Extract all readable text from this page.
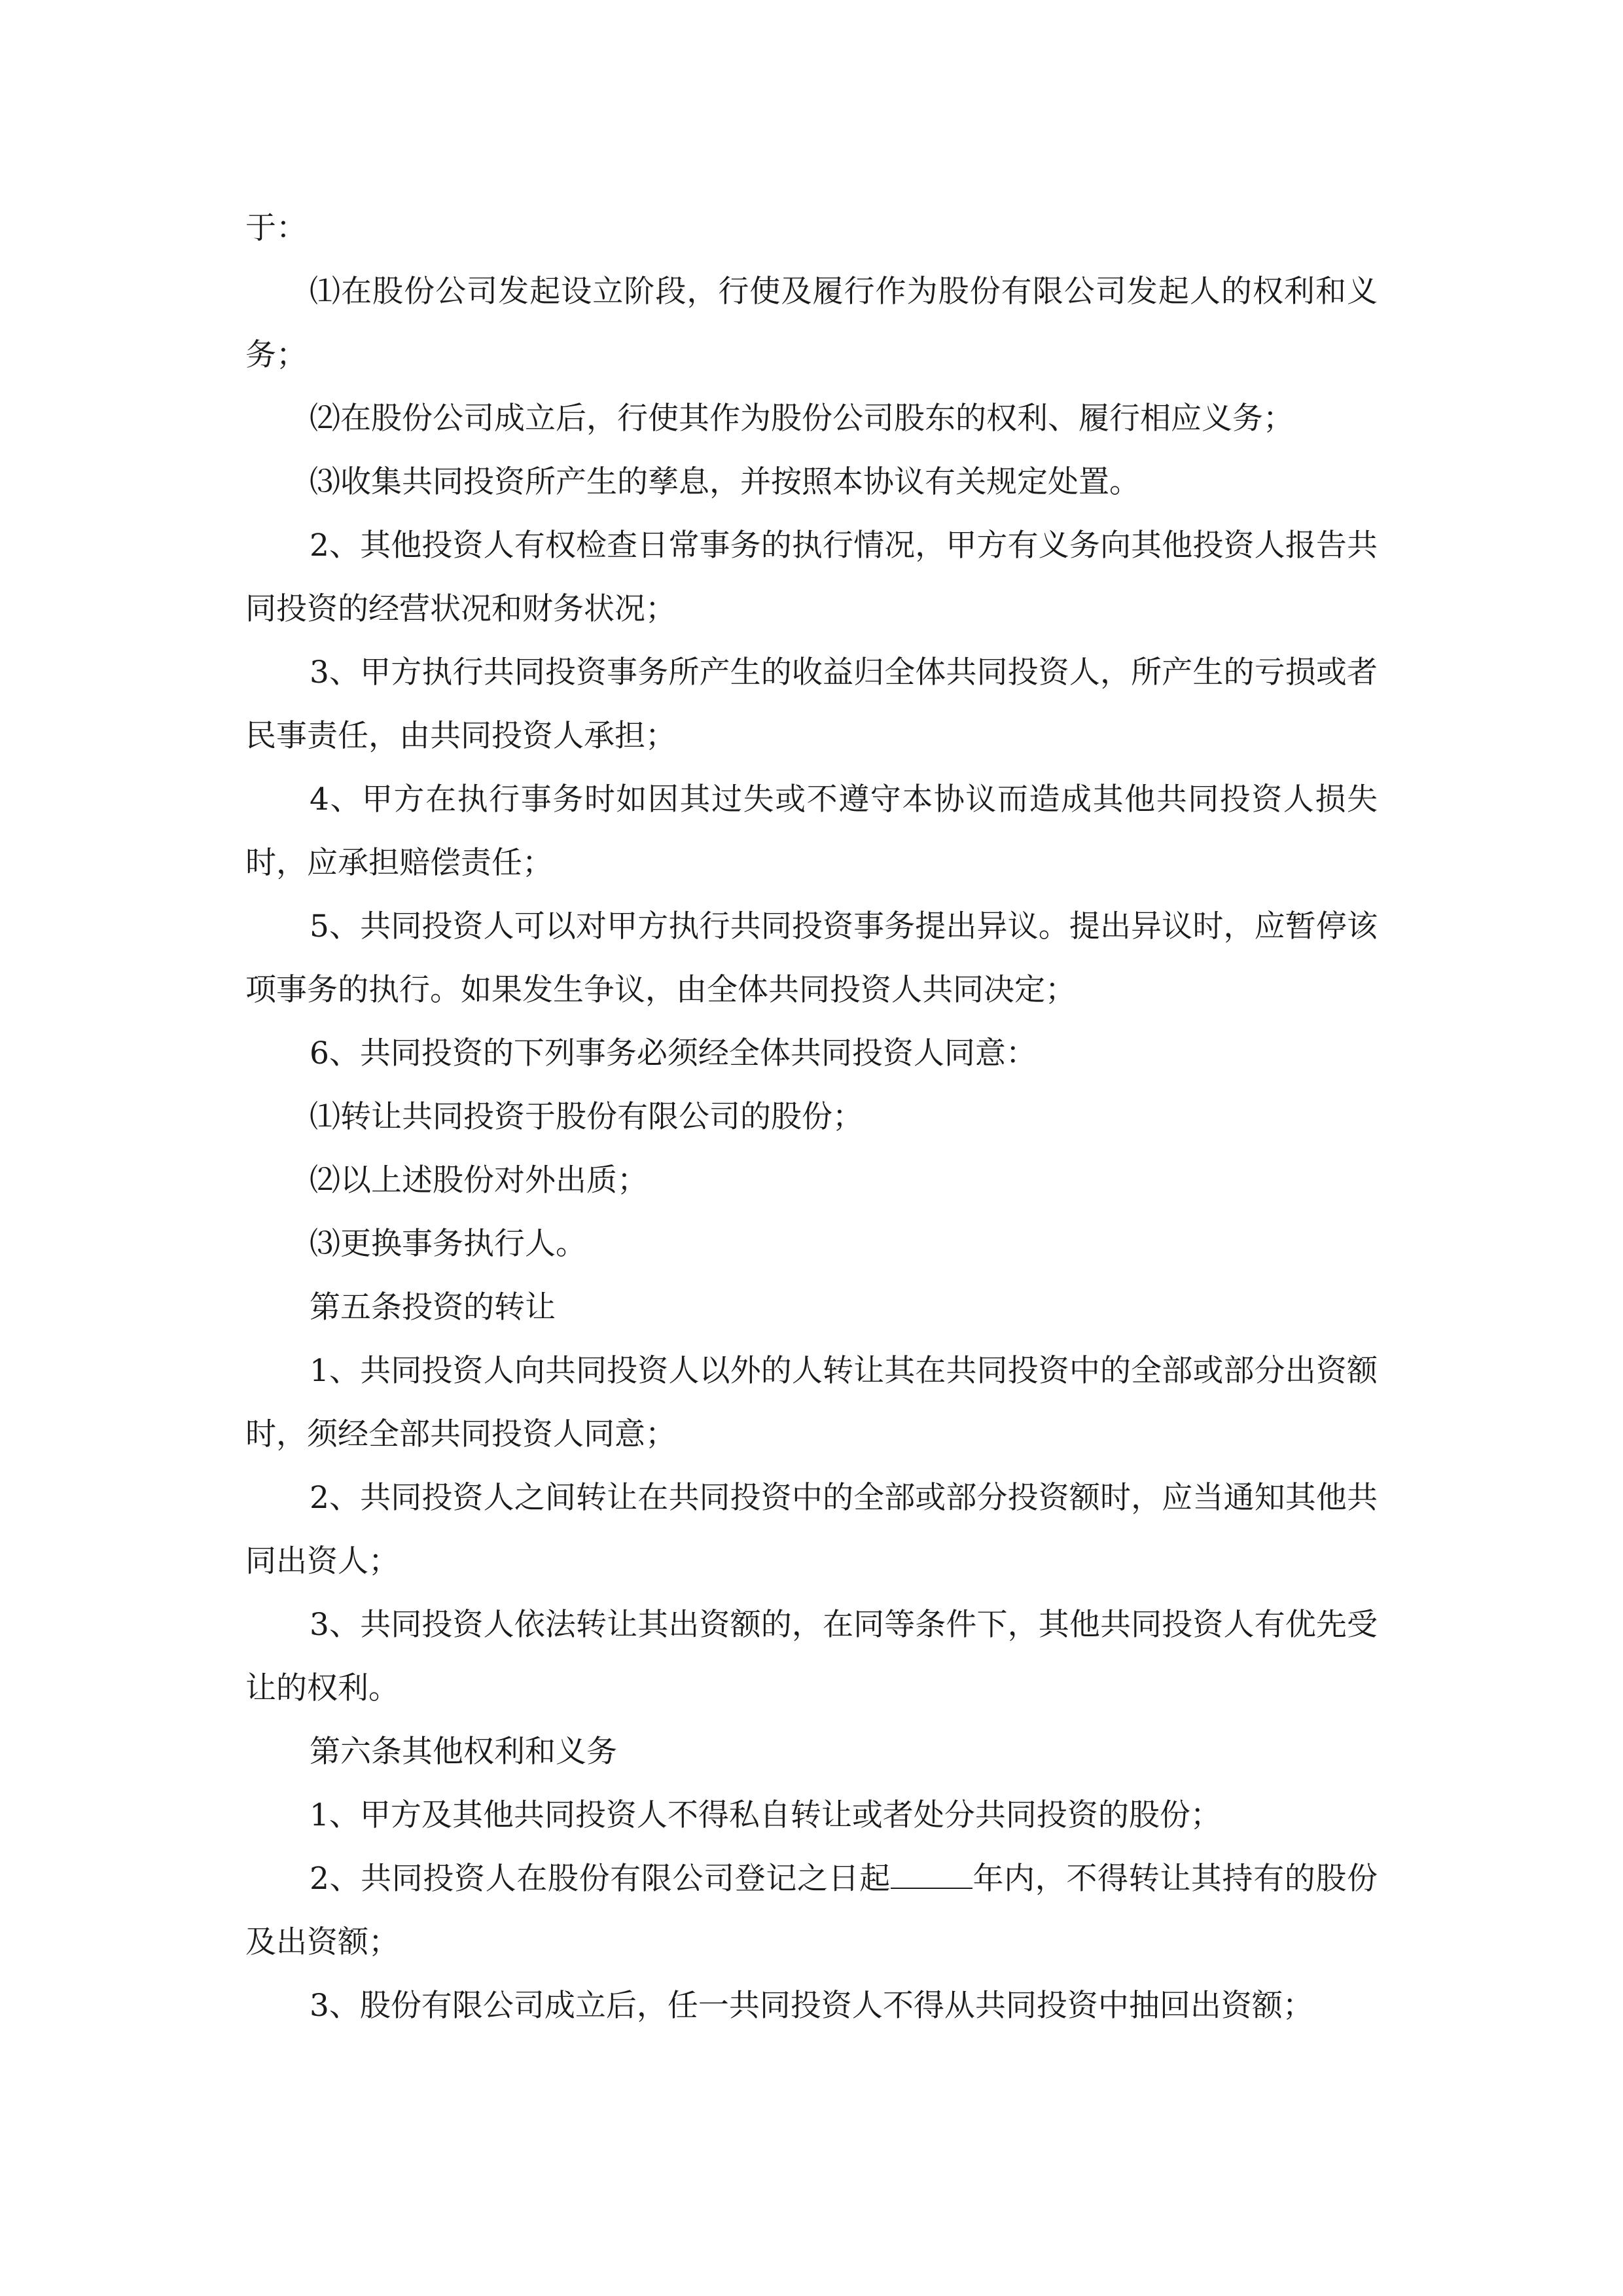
于：

⑴在股份公司发起设立阶段，行使及履行作为股份有限公司发起人的权利和义务；

⑵在股份公司成立后，行使其作为股份公司股东的权利、履行相应义务；

⑶收集共同投资所产生的孳息，并按照本协议有关规定处置。

2、其他投资人有权检查日常事务的执行情况，甲方有义务向其他投资人报告共同投资的经营状况和财务状况；

3、甲方执行共同投资事务所产生的收益归全体共同投资人，所产生的亏损或者民事责任，由共同投资人承担；

4、甲方在执行事务时如因其过失或不遵守本协议而造成其他共同投资人损失时，应承担赔偿责任；

5、共同投资人可以对甲方执行共同投资事务提出异议。提出异议时，应暂停该项事务的执行。如果发生争议，由全体共同投资人共同决定；

6、共同投资的下列事务必须经全体共同投资人同意：

⑴转让共同投资于股份有限公司的股份；

⑵以上述股份对外出质；

⑶更换事务执行人。

第五条投资的转让

1、共同投资人向共同投资人以外的人转让其在共同投资中的全部或部分出资额时，须经全部共同投资人同意；

2、共同投资人之间转让在共同投资中的全部或部分投资额时，应当通知其他共同出资人；

3、共同投资人依法转让其出资额的，在同等条件下，其他共同投资人有优先受让的权利。

第六条其他权利和义务

1、甲方及其他共同投资人不得私自转让或者处分共同投资的股份；

2、共同投资人在股份有限公司登记之日起	年内，不得转让其持有的股份及出资额；

3、股份有限公司成立后，任一共同投资人不得从共同投资中抽回出资额；
